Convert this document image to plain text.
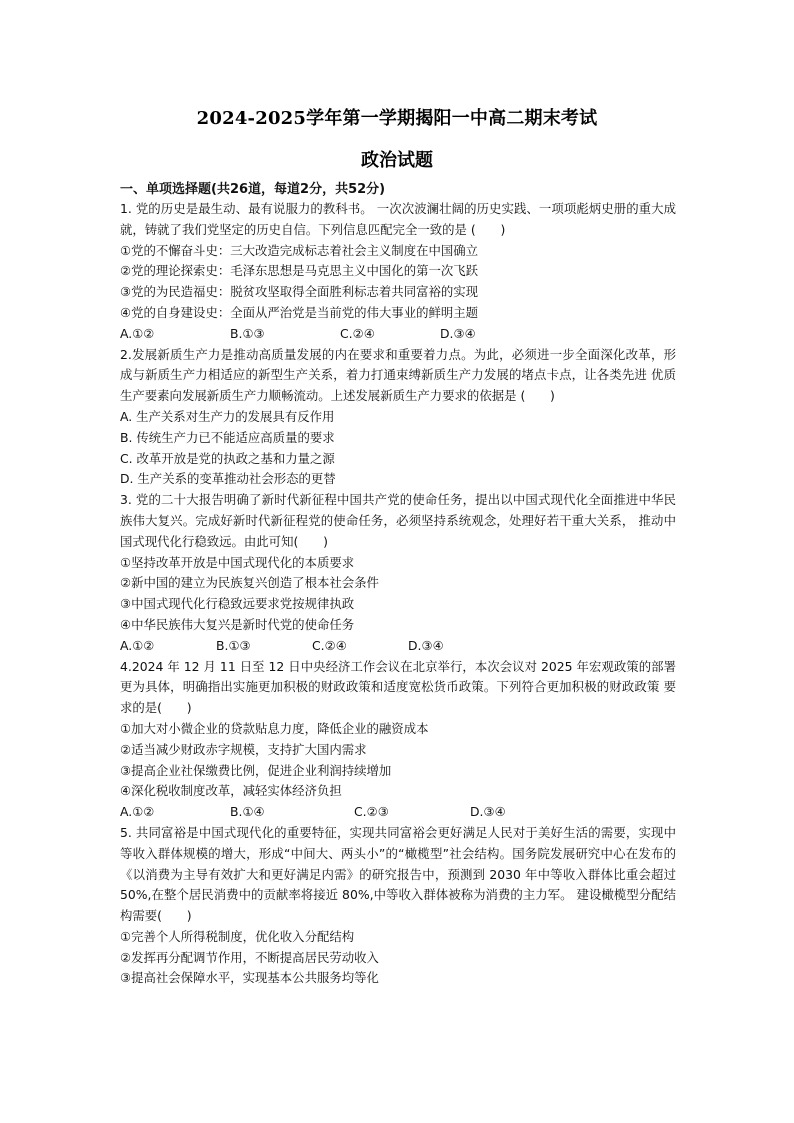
2024-2025学年第一学期揭阳一中高二期末考试
政治试题
一、单项选择题(共26道，每道2分，共52分)

1. 党的历史是最生动、最有说服力的教科书。 一次次波澜壮阔的历史实践、一项项彪炳史册的重大成就，铸就了我们党坚定的历史自信。下列信息匹配完全一致的是 (　　)

①党的不懈奋斗史：三大改造完成标志着社会主义制度在中国确立

②党的理论探索史：毛泽东思想是马克思主义中国化的第一次飞跃

③党的为民造福史：脱贫攻坚取得全面胜利标志着共同富裕的实现

④党的自身建设史：全面从严治党是当前党的伟大事业的鲜明主题

A.①②	B.①③	C.②④	D.③④

2.发展新质生产力是推动高质量发展的内在要求和重要着力点。为此，必须进一步全面深化改革，形成与新质生产力相适应的新型生产关系，着力打通束缚新质生产力发展的堵点卡点，让各类先进 优质生产要素向发展新质生产力顺畅流动。上述发展新质生产力要求的依据是 (　　)

A. 生产关系对生产力的发展具有反作用

B. 传统生产力已不能适应高质量的要求

C. 改革开放是党的执政之基和力量之源

D. 生产关系的变革推动社会形态的更替

3. 党的二十大报告明确了新时代新征程中国共产党的使命任务，提出以中国式现代化全面推进中华民族伟大复兴。完成好新时代新征程党的使命任务，必须坚持系统观念，处理好若干重大关系， 推动中国式现代化行稳致远。由此可知(　　)

①坚持改革开放是中国式现代化的本质要求

②新中国的建立为民族复兴创造了根本社会条件

③中国式现代化行稳致远要求党按规律执政

④中华民族伟大复兴是新时代党的使命任务

A.①②	B.①③	C.②④	D.③④

4.2024 年 12 月 11 日至 12 日中央经济工作会议在北京举行，本次会议对 2025 年宏观政策的部署更为具体，明确指出实施更加积极的财政政策和适度宽松货币政策。下列符合更加积极的财政政策 要求的是(　　)

①加大对小微企业的贷款贴息力度，降低企业的融资成本

②适当减少财政赤字规模，支持扩大国内需求

③提高企业社保缴费比例，促进企业利润持续增加

④深化税收制度改革，减轻实体经济负担

A.①②	B.①④	C.②③	D.③④

5. 共同富裕是中国式现代化的重要特征，实现共同富裕会更好满足人民对于美好生活的需要，实现中等收入群体规模的增大，形成“中间大、两头小”的“橄榄型”社会结构。国务院发展研究中心在发布的《以消费为主导有效扩大和更好满足内需》的研究报告中，预测到 2030 年中等收入群体比重会超过 50%,在整个居民消费中的贡献率将接近 80%,中等收入群体被称为消费的主力军。 建设橄榄型分配结构需要(　　)

①完善个人所得税制度，优化收入分配结构

②发挥再分配调节作用，不断提高居民劳动收入

③提高社会保障水平，实现基本公共服务均等化
